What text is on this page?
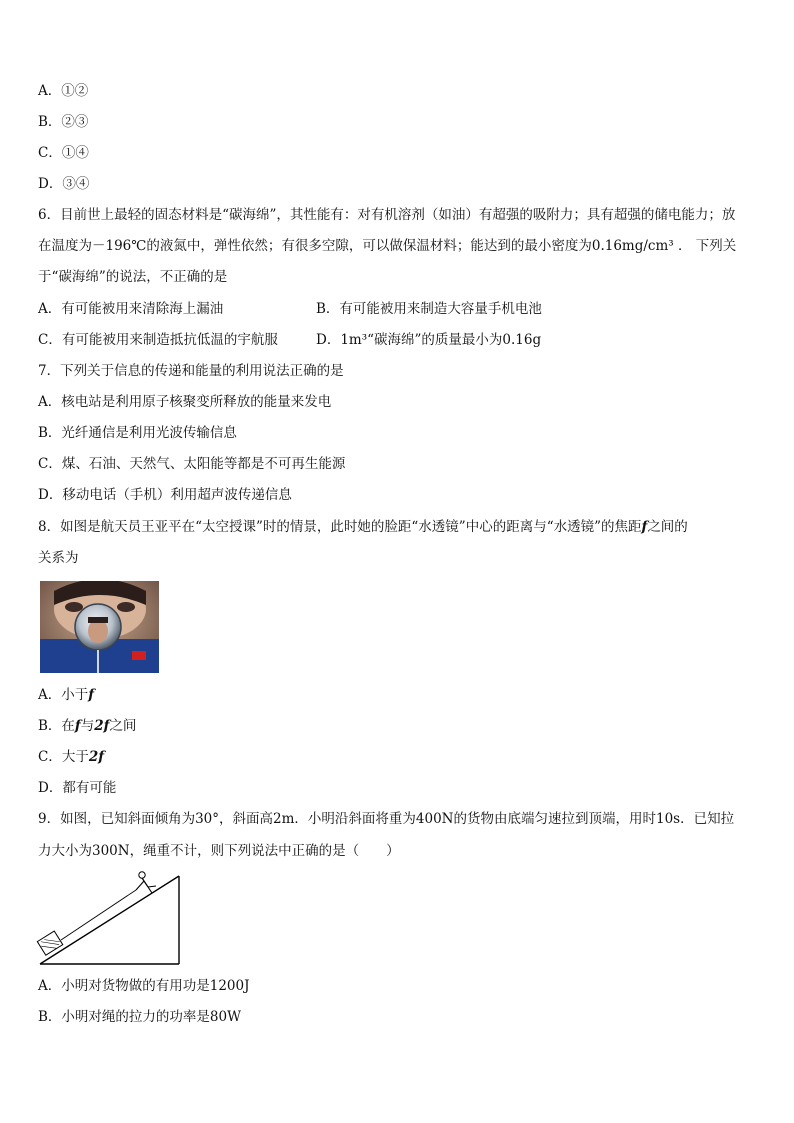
A．①②
B．②③
C．①④
D．③④
6．目前世上最轻的固态材料是“碳海绵”，其性能有：对有机溶剂（如油）有超强的吸附力；具有超强的储电能力；放
在温度为－196℃的液氮中，弹性依然；有很多空隙，可以做保温材料；能达到的最小密度为0.16mg/cm³ ． 下列关
于“碳海绵”的说法，不正确的是
A．有可能被用来清除海上漏油	B．有可能被用来制造大容量手机电池
C．有可能被用来制造抵抗低温的宇航服	D．1m³“碳海绵”的质量最小为0.16g
7．下列关于信息的传递和能量的利用说法正确的是
A．核电站是利用原子核聚变所释放的能量来发电
B．光纤通信是利用光波传输信息
C．煤、石油、天然气、太阳能等都是不可再生能源
D．移动电话（手机）利用超声波传递信息
8．如图是航天员王亚平在“太空授课”时的情景，此时她的脸距“水透镜”中心的距离与“水透镜”的焦距f之间的
关系为
A．小于f
B．在f与2f之间
C．大于2f
D．都有可能
9．如图，已知斜面倾角为30°，斜面高2m．小明沿斜面将重为400N的货物由底端匀速拉到顶端，用时10s．已知拉
力大小为300N，绳重不计，则下列说法中正确的是（　　）
A．小明对货物做的有用功是1200J
B．小明对绳的拉力的功率是80W
